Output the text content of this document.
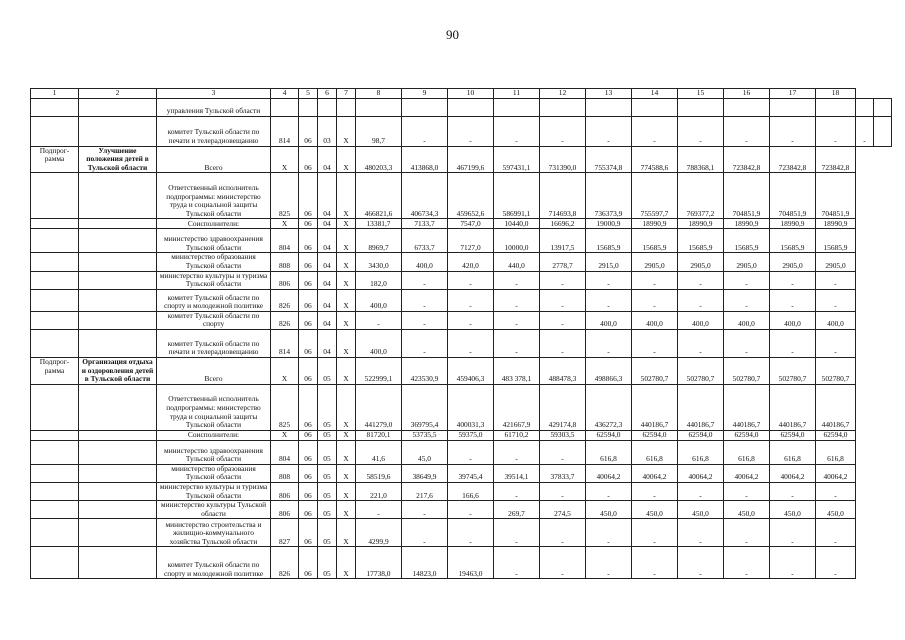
90
1	2	3	4	5	6	7	8	9	10	11	12	13	14	15	16	17	18		
		управления Тульской области																	
		комитет Тульской области по печати и телерадиовещанию	814	06	03	X	98,7	-	-	-	-	-	-	-	-	-	-	-	
Подпрог-рамма	Улучшение положения детей в Тульской области	Всего	X	06	04	X	480203,3	413868,0	467199,6	597431,1	731390,0	755374,8	774588,6	788368,1	723842,8	723842,8	723842,8		
		Ответственный исполнитель подпрограммы: министерство труда и социальной защиты Тульской области	825	06	04	X	466821,6	406734,3	459652,6	586991,1	714693,8	736373,9	755597,7	769377,2	704851,9	704851,9	704851,9		
		Соисполнители:	X	06	04	X	13381,7	7133,7	7547,0	10440,0	16696,2	19000,9	18990,9	18990,9	18990,9	18990,9	18990,9		
		министерство здравоохранения Тульской области	804	06	04	X	8969,7	6733,7	7127,0	10000,0	13917,5	15685,9	15685,9	15685,9	15685,9	15685,9	15685,9		
		министерство образования Тульской области	808	06	04	X	3430,0	400,0	420,0	440,0	2778,7	2915,0	2905,0	2905,0	2905,0	2905,0	2905,0		
		министерство культуры и туризма Тульской области	806	06	04	X	182,0	-	-	-	-	-	-	-	-	-	-		
		комитет Тульской области по спорту и молодежной политике	826	06	04	X	400,0	-	-	-	-	-	-	-	-	-	-		
		комитет Тульской области по спорту	826	06	04	X	-	-	-	-	-	400,0	400,0	400,0	400,0	400,0	400,0		
		комитет Тульской области по печати и телерадиовещанию	814	06	04	X	400,0	-	-	-	-	-	-	-	-	-	-		
Подпрог-рамма	Организация отдыха и оздоровления детей в Тульской области	Всего	X	06	05	X	522999,1	423530,9	459406,3	483 378,1	488478,3	498866,3	502780,7	502780,7	502780,7	502780,7	502780,7		
		Ответственный исполнитель подпрограммы: министерство труда и социальной защиты Тульской области	825	06	05	X	441279,0	369795,4	400031,3	421667,9	429174,8	436272,3	440186,7	440186,7	440186,7	440186,7	440186,7		
		Соисполнители:	X	06	05	X	81720,1	53735,5	59375,0	61710,2	59303,5	62594,0	62594,0	62594,0	62594,0	62594,0	62594,0		
		министерство здравоохранения Тульской области	804	06	05	X	41,6	45,0	-	-	-	616,8	616,8	616,8	616,8	616,8	616,8		
		министерство образования Тульской области	808	06	05	X	58519,6	38649,9	39745,4	39514,1	37833,7	40064,2	40064,2	40064,2	40064,2	40064,2	40064,2		
		министерство культуры и туризма Тульской области	806	06	05	X	221,0	217,6	166,6	-	-	-	-	-	-	-	-		
		министерство культуры Тульской области	806	06	05	X	-	-	-	269,7	274,5	450,0	450,0	450,0	450,0	450,0	450,0		
		министерство строительства и жилищно-коммунального хозяйства Тульской области	827	06	05	X	4299,9	-	-	-	-	-	-	-	-	-	-		
		комитет Тульской области по спорту и молодежной политике	826	06	05	X	17738,0	14823,0	19463,0	-	-	-	-	-	-	-	-		
